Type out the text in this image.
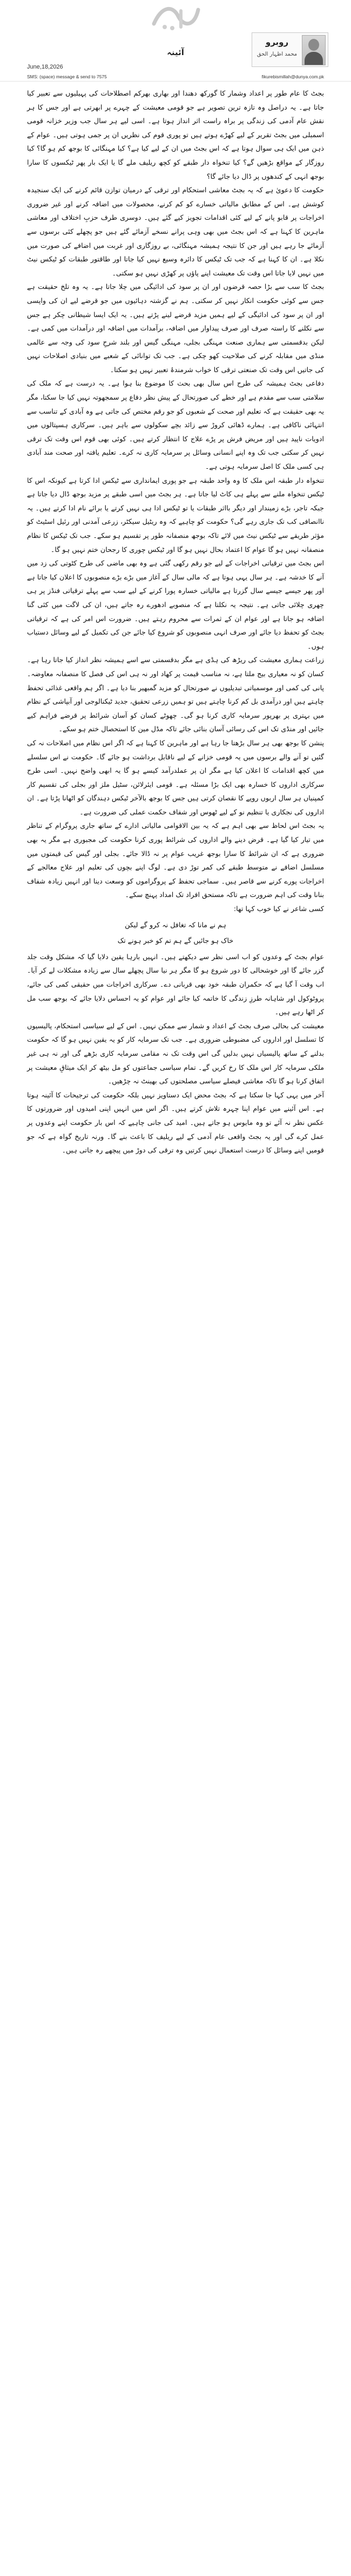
آئینہ
June,18,2026
روبرو
محمد اظہار الحق
SMS: (space) message & send to 7575	fikurebismillah@dunya.com.pk

بجٹ کا عام طور پر اعداد وشمار کا گورکھ دھندا اور بھاری بھرکم اصطلاحات کی پہیلیوں سے تعبیر کیا جاتا ہے۔ یہ دراصل وہ تازہ ترین تصویر ہے جو قومی معیشت کے چہرے پر ابھرتی ہے اور جس کا ہر نقش عام آدمی کی زندگی پر براہ راست اثر انداز ہوتا ہے۔ اسی لیے ہر سال جب وزیر خزانہ قومی اسمبلی میں بجٹ تقریر کے لیے کھڑے ہوتے ہیں تو پوری قوم کی نظریں ان پر جمی ہوتی ہیں۔ عوام کے ذہن میں ایک ہی سوال ہوتا ہے کہ اس بجٹ میں ان کے لیے کیا ہے؟ کیا مہنگائی کا بوجھ کم ہو گا؟ کیا روزگار کے مواقع بڑھیں گے؟ کیا تنخواہ دار طبقے کو کچھ ریلیف ملے گا یا ایک بار پھر ٹیکسوں کا سارا بوجھ انہی کے کندھوں پر ڈال دیا جائے گا؟

حکومت کا دعویٰ ہے کہ یہ بجٹ معاشی استحکام اور ترقی کے درمیان توازن قائم کرنے کی ایک سنجیدہ کوشش ہے۔ اس کے مطابق مالیاتی خسارے کو کم کرنے، محصولات میں اضافہ کرنے اور غیر ضروری اخراجات پر قابو پانے کے لیے کئی اقدامات تجویز کیے گئے ہیں۔ دوسری طرف حزبِ اختلاف اور معاشی ماہرین کا کہنا ہے کہ اس بجٹ میں بھی وہی پرانے نسخے آزمائے گئے ہیں جو پچھلے کئی برسوں سے آزمائے جا رہے ہیں اور جن کا نتیجہ ہمیشہ مہنگائی، بے روزگاری اور غربت میں اضافے کی صورت میں نکلا ہے۔ ان کا کہنا ہے کہ جب تک ٹیکس کا دائرہ وسیع نہیں کیا جاتا اور طاقتور طبقات کو ٹیکس نیٹ میں نہیں لایا جاتا اس وقت تک معیشت اپنے پاؤں پر کھڑی نہیں ہو سکتی۔

بجٹ کا سب سے بڑا حصہ قرضوں اور ان پر سود کی ادائیگی میں چلا جاتا ہے۔ یہ وہ تلخ حقیقت ہے جس سے کوئی حکومت انکار نہیں کر سکتی۔ ہم نے گزشتہ دہائیوں میں جو قرضے لیے ان کی واپسی اور ان پر سود کی ادائیگی کے لیے ہمیں مزید قرضے لینے پڑتے ہیں۔ یہ ایک ایسا شیطانی چکر ہے جس سے نکلنے کا راستہ صرف اور صرف پیداوار میں اضافہ، برآمدات میں اضافہ اور درآمدات میں کمی ہے۔ لیکن بدقسمتی سے ہماری صنعت مہنگی بجلی، مہنگی گیس اور بلند شرحِ سود کی وجہ سے عالمی منڈی میں مقابلہ کرنے کی صلاحیت کھو چکی ہے۔ جب تک توانائی کے شعبے میں بنیادی اصلاحات نہیں کی جاتیں اس وقت تک صنعتی ترقی کا خواب شرمندۂ تعبیر نہیں ہو سکتا۔

دفاعی بجٹ ہمیشہ کی طرح اس سال بھی بحث کا موضوع بنا ہوا ہے۔ یہ درست ہے کہ ملک کی سلامتی سب سے مقدم ہے اور خطے کی صورتحال کے پیش نظر دفاع پر سمجھوتہ نہیں کیا جا سکتا، مگر یہ بھی حقیقت ہے کہ تعلیم اور صحت کے شعبوں کو جو رقم مختص کی جاتی ہے وہ آبادی کے تناسب سے انتہائی ناکافی ہے۔ ہمارے ڈھائی کروڑ سے زائد بچے سکولوں سے باہر ہیں۔ سرکاری ہسپتالوں میں ادویات ناپید ہیں اور مریض فرش پر پڑے علاج کا انتظار کرتے ہیں۔ کوئی بھی قوم اس وقت تک ترقی نہیں کر سکتی جب تک وہ اپنے انسانی وسائل پر سرمایہ کاری نہ کرے۔ تعلیم یافتہ اور صحت مند آبادی ہی کسی ملک کا اصل سرمایہ ہوتی ہے۔

تنخواہ دار طبقہ اس ملک کا وہ واحد طبقہ ہے جو پوری ایمانداری سے ٹیکس ادا کرتا ہے کیونکہ اس کا ٹیکس تنخواہ ملنے سے پہلے ہی کاٹ لیا جاتا ہے۔ ہر بجٹ میں اسی طبقے پر مزید بوجھ ڈال دیا جاتا ہے جبکہ تاجر، بڑے زمیندار اور دیگر بااثر طبقات یا تو ٹیکس ادا ہی نہیں کرتے یا برائے نام ادا کرتے ہیں۔ یہ ناانصافی کب تک جاری رہے گی؟ حکومت کو چاہیے کہ وہ ریٹیل سیکٹر، زرعی آمدنی اور رئیل اسٹیٹ کو مؤثر طریقے سے ٹیکس نیٹ میں لائے تاکہ بوجھ منصفانہ طور پر تقسیم ہو سکے۔ جب تک ٹیکس کا نظام منصفانہ نہیں ہو گا عوام کا اعتماد بحال نہیں ہو گا اور ٹیکس چوری کا رجحان ختم نہیں ہو گا۔

اس بجٹ میں ترقیاتی اخراجات کے لیے جو رقم رکھی گئی ہے وہ بھی ماضی کی طرح کٹوتی کی زد میں آنے کا خدشہ ہے۔ ہر سال یہی ہوتا ہے کہ مالی سال کے آغاز میں بڑے بڑے منصوبوں کا اعلان کیا جاتا ہے اور پھر جیسے جیسے سال گزرتا ہے مالیاتی خسارہ پورا کرنے کے لیے سب سے پہلے ترقیاتی فنڈز پر ہی چھری چلائی جاتی ہے۔ نتیجہ یہ نکلتا ہے کہ منصوبے ادھورے رہ جاتے ہیں، ان کی لاگت میں کئی گنا اضافہ ہو جاتا ہے اور عوام ان کے ثمرات سے محروم رہتے ہیں۔ ضرورت اس امر کی ہے کہ ترقیاتی بجٹ کو تحفظ دیا جائے اور صرف انہی منصوبوں کو شروع کیا جائے جن کی تکمیل کے لیے وسائل دستیاب ہوں۔

زراعت ہماری معیشت کی ریڑھ کی ہڈی ہے مگر بدقسمتی سے اسے ہمیشہ نظر انداز کیا جاتا رہا ہے۔ کسان کو نہ معیاری بیج ملتا ہے، نہ مناسب قیمت پر کھاد اور نہ ہی اس کی فصل کا منصفانہ معاوضہ۔ پانی کی کمی اور موسمیاتی تبدیلیوں نے صورتحال کو مزید گمبھیر بنا دیا ہے۔ اگر ہم واقعی غذائی تحفظ چاہتے ہیں اور درآمدی بل کم کرنا چاہتے ہیں تو ہمیں زرعی تحقیق، جدید ٹیکنالوجی اور آبپاشی کے نظام میں بہتری پر بھرپور سرمایہ کاری کرنا ہو گی۔ چھوٹے کسان کو آسان شرائط پر قرضے فراہم کیے جائیں اور منڈی تک اس کی رسائی آسان بنائی جائے تاکہ مڈل مین کا استحصال ختم ہو سکے۔

پنشن کا بوجھ بھی ہر سال بڑھتا جا رہا ہے اور ماہرین کا کہنا ہے کہ اگر اس نظام میں اصلاحات نہ کی گئیں تو آنے والے برسوں میں یہ قومی خزانے کے لیے ناقابل برداشت ہو جائے گا۔ حکومت نے اس سلسلے میں کچھ اقدامات کا اعلان کیا ہے مگر ان پر عملدرآمد کیسے ہو گا یہ ابھی واضح نہیں۔ اسی طرح سرکاری اداروں کا خسارہ بھی ایک بڑا مسئلہ ہے۔ قومی ایئرلائن، سٹیل ملز اور بجلی کی تقسیم کار کمپنیاں ہر سال اربوں روپے کا نقصان کرتی ہیں جس کا بوجھ بالآخر ٹیکس دہندگان کو اٹھانا پڑتا ہے۔ ان اداروں کی نجکاری یا تنظیم نو کے لیے ٹھوس اور شفاف حکمت عملی کی ضرورت ہے۔

یہ بجٹ اس لحاظ سے بھی اہم ہے کہ یہ بین الاقوامی مالیاتی ادارے کے ساتھ جاری پروگرام کے تناظر میں تیار کیا گیا ہے۔ قرض دینے والے اداروں کی شرائط پوری کرنا حکومت کی مجبوری ہے مگر یہ بھی ضروری ہے کہ ان شرائط کا سارا بوجھ غریب عوام پر نہ ڈالا جائے۔ بجلی اور گیس کی قیمتوں میں مسلسل اضافے نے متوسط طبقے کی کمر توڑ دی ہے۔ لوگ اپنے بچوں کی تعلیم اور علاج معالجے کے اخراجات پورے کرنے سے قاصر ہیں۔ سماجی تحفظ کے پروگراموں کو وسعت دینا اور انہیں زیادہ شفاف بنانا وقت کی اہم ضرورت ہے تاکہ مستحق افراد تک امداد پہنچ سکے۔

کسی شاعر نے کیا خوب کہا تھا:

ہم نے مانا کہ تغافل نہ کرو گے لیکن

خاک ہو جائیں گے ہم تم کو خبر ہونے تک

عوام بجٹ کے وعدوں کو اب اسی نظر سے دیکھتے ہیں۔ انہیں بارہا یقین دلایا گیا کہ مشکل وقت جلد گزر جائے گا اور خوشحالی کا دور شروع ہو گا مگر ہر نیا سال پچھلے سال سے زیادہ مشکلات لے کر آیا۔ اب وقت آ گیا ہے کہ حکمران طبقہ خود بھی قربانی دے۔ سرکاری اخراجات میں حقیقی کمی کی جائے، پروٹوکول اور شاہانہ طرزِ زندگی کا خاتمہ کیا جائے اور عوام کو یہ احساس دلایا جائے کہ بوجھ سب مل کر اٹھا رہے ہیں۔

معیشت کی بحالی صرف بجٹ کے اعداد و شمار سے ممکن نہیں۔ اس کے لیے سیاسی استحکام، پالیسیوں کا تسلسل اور اداروں کی مضبوطی ضروری ہے۔ جب تک سرمایہ کار کو یہ یقین نہیں ہو گا کہ حکومت بدلنے کے ساتھ پالیسیاں نہیں بدلیں گی اس وقت تک نہ مقامی سرمایہ کاری بڑھے گی اور نہ ہی غیر ملکی سرمایہ کار اس ملک کا رخ کریں گے۔ تمام سیاسی جماعتوں کو مل بیٹھ کر ایک میثاقِ معیشت پر اتفاق کرنا ہو گا تاکہ معاشی فیصلے سیاسی مصلحتوں کی بھینٹ نہ چڑھیں۔

آخر میں یہی کہا جا سکتا ہے کہ بجٹ محض ایک دستاویز نہیں بلکہ حکومت کی ترجیحات کا آئینہ ہوتا ہے۔ اس آئینے میں عوام اپنا چہرہ تلاش کرتے ہیں۔ اگر اس میں انہیں اپنی امیدوں اور ضرورتوں کا عکس نظر نہ آئے تو وہ مایوس ہو جاتے ہیں۔ امید کی جانی چاہیے کہ اس بار حکومت اپنے وعدوں پر عمل کرے گی اور یہ بجٹ واقعی عام آدمی کے لیے ریلیف کا باعث بنے گا۔ ورنہ تاریخ گواہ ہے کہ جو قومیں اپنے وسائل کا درست استعمال نہیں کرتیں وہ ترقی کی دوڑ میں پیچھے رہ جاتی ہیں۔
